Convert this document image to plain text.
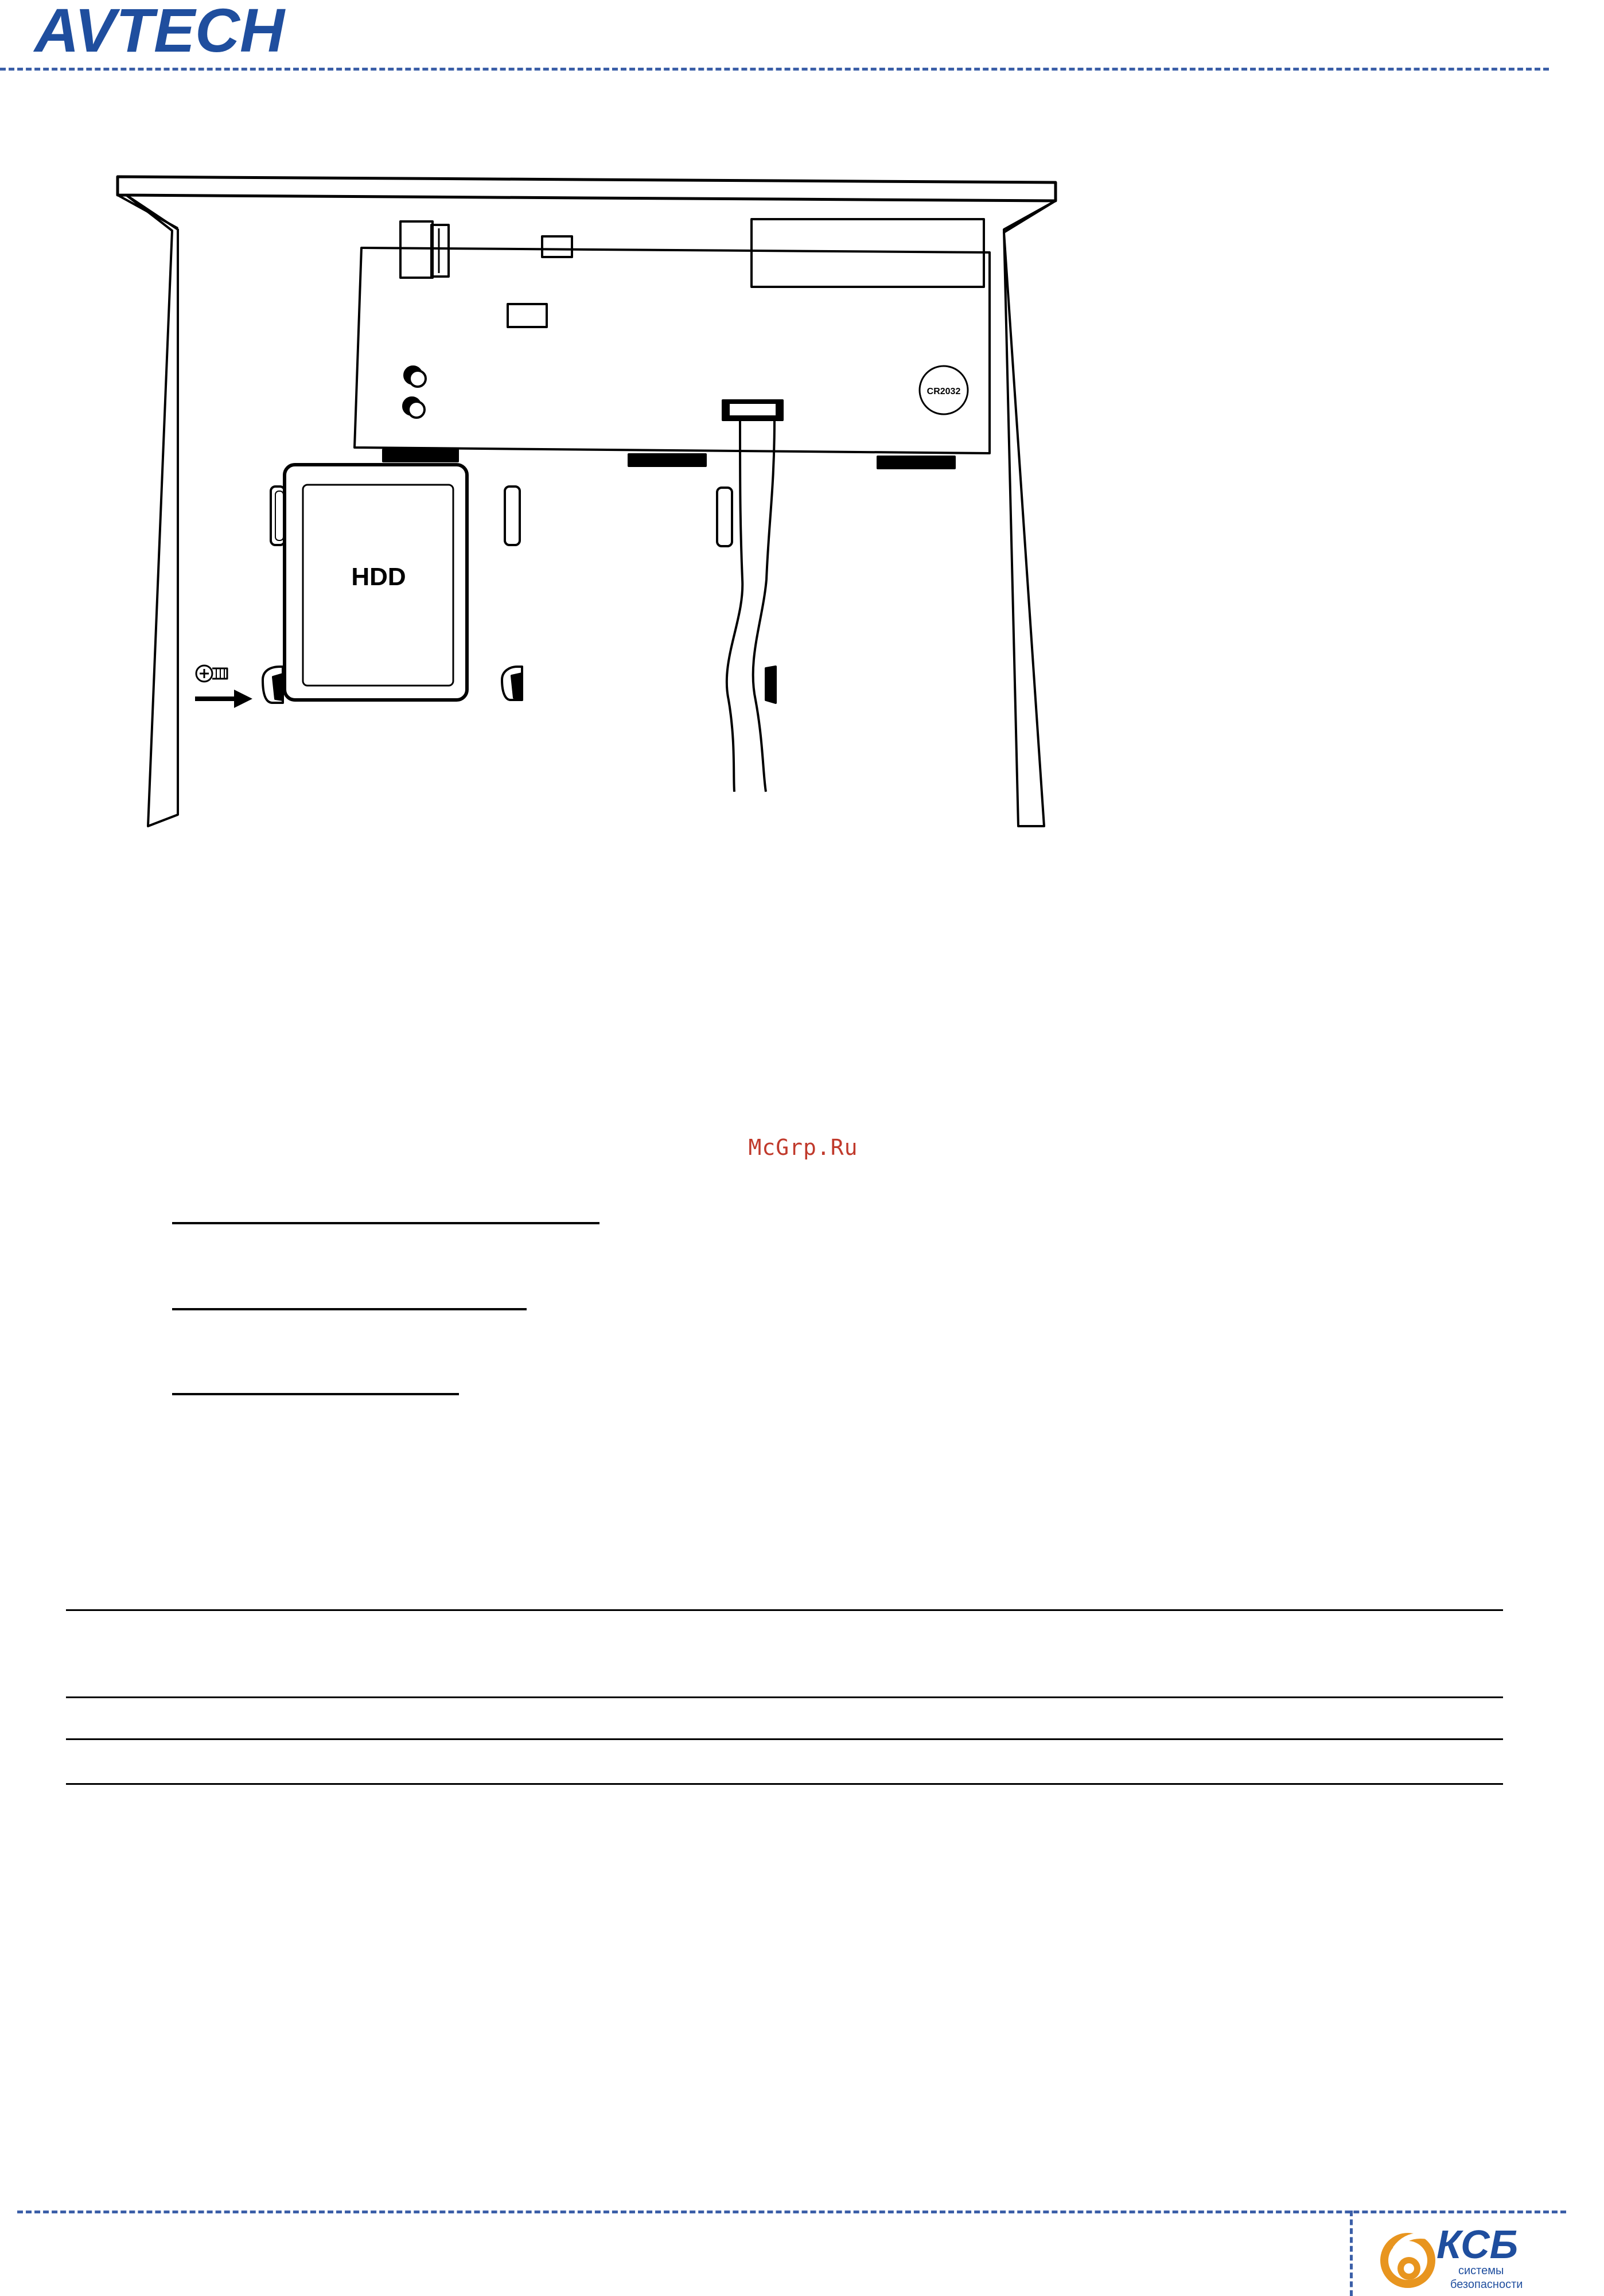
AVTECH
CR2032
HDD
McGrp.Ru
КСБ
системы
безопасности
